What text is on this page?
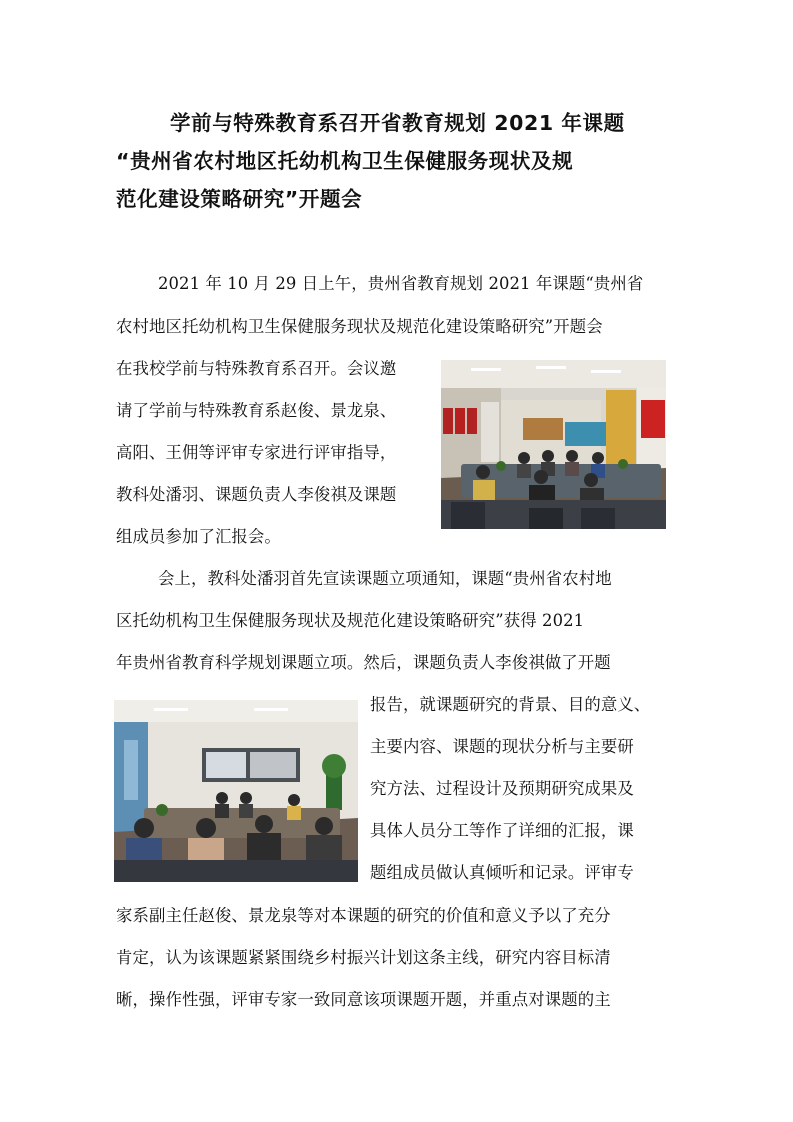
学前与特殊教育系召开省教育规划 2021 年课题
“贵州省农村地区托幼机构卫生保健服务现状及规
范化建设策略研究”开题会
2021 年 10 月 29 日上午，贵州省教育规划 2021 年课题“贵州省
农村地区托幼机构卫生保健服务现状及规范化建设策略研究”开题会
在我校学前与特殊教育系召开。会议邀
请了学前与特殊教育系赵俊、景龙泉、
高阳、王佣等评审专家进行评审指导，
教科处潘羽、课题负责人李俊祺及课题
组成员参加了汇报会。
会上，教科处潘羽首先宣读课题立项通知，课题“贵州省农村地
区托幼机构卫生保健服务现状及规范化建设策略研究”获得 2021
年贵州省教育科学规划课题立项。然后，课题负责人李俊祺做了开题
报告，就课题研究的背景、目的意义、
主要内容、课题的现状分析与主要研
究方法、过程设计及预期研究成果及
具体人员分工等作了详细的汇报，课
题组成员做认真倾听和记录。评审专
家系副主任赵俊、景龙泉等对本课题的研究的价值和意义予以了充分
肯定，认为该课题紧紧围绕乡村振兴计划这条主线，研究内容目标清
晰，操作性强，评审专家一致同意该项课题开题，并重点对课题的主
